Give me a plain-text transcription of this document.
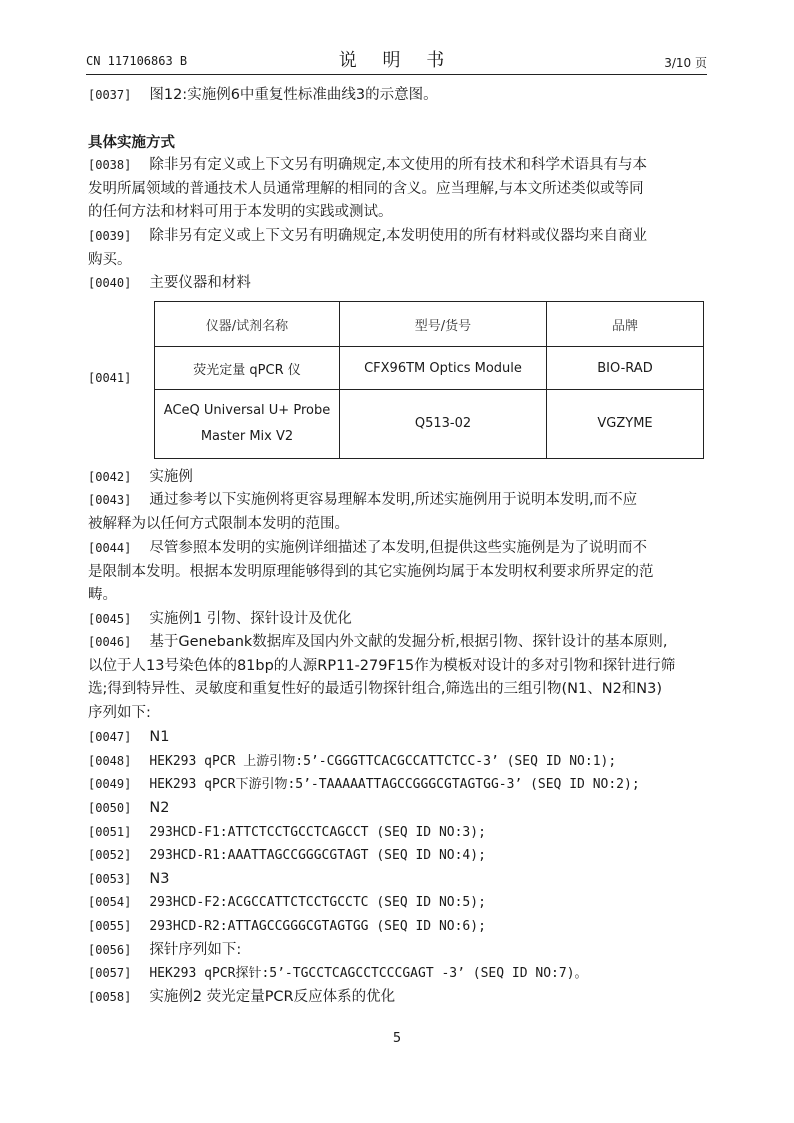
CN 117106863 B	说 明 书	3/10 页
[0037] 图12:实施例6中重复性标准曲线3的示意图。
具体实施方式
[0038] 除非另有定义或上下文另有明确规定,本文使用的所有技术和科学术语具有与本
发明所属领域的普通技术人员通常理解的相同的含义。应当理解,与本文所述类似或等同
的任何方法和材料可用于本发明的实践或测试。
[0039] 除非另有定义或上下文另有明确规定,本发明使用的所有材料或仪器均来自商业
购买。
[0040] 主要仪器和材料
[0041]
仪器/试剂名称	型号/货号	品牌
荧光定量 qPCR 仪	CFX96TM Optics Module	BIO-RAD
ACeQ Universal U+ Probe Master Mix V2	Q513-02	VGZYME
[0042] 实施例
[0043] 通过参考以下实施例将更容易理解本发明,所述实施例用于说明本发明,而不应
被解释为以任何方式限制本发明的范围。
[0044] 尽管参照本发明的实施例详细描述了本发明,但提供这些实施例是为了说明而不
是限制本发明。根据本发明原理能够得到的其它实施例均属于本发明权利要求所界定的范
畴。
[0045] 实施例1 引物、探针设计及优化
[0046] 基于Genebank数据库及国内外文献的发掘分析,根据引物、探针设计的基本原则,
以位于人13号染色体的81bp的人源RP11-279F15作为模板对设计的多对引物和探针进行筛
选;得到特异性、灵敏度和重复性好的最适引物探针组合,筛选出的三组引物(N1、N2和N3)
序列如下:
[0047] N1
[0048] HEK293 qPCR 上游引物:5’-CGGGTTCACGCCATTCTCC-3’ (SEQ ID NO:1);
[0049] HEK293 qPCR下游引物:5’-TAAAAATTAGCCGGGCGTAGTGG-3’ (SEQ ID NO:2);
[0050] N2
[0051] 293HCD-F1:ATTCTCCTGCCTCAGCCT (SEQ ID NO:3);
[0052] 293HCD-R1:AAATTAGCCGGGCGTAGT (SEQ ID NO:4);
[0053] N3
[0054] 293HCD-F2:ACGCCATTCTCCTGCCTC (SEQ ID NO:5);
[0055] 293HCD-R2:ATTAGCCGGGCGTAGTGG (SEQ ID NO:6);
[0056] 探针序列如下:
[0057] HEK293 qPCR探针:5’-TGCCTCAGCCTCCCGAGT -3’ (SEQ ID NO:7)。
[0058] 实施例2 荧光定量PCR反应体系的优化
5
